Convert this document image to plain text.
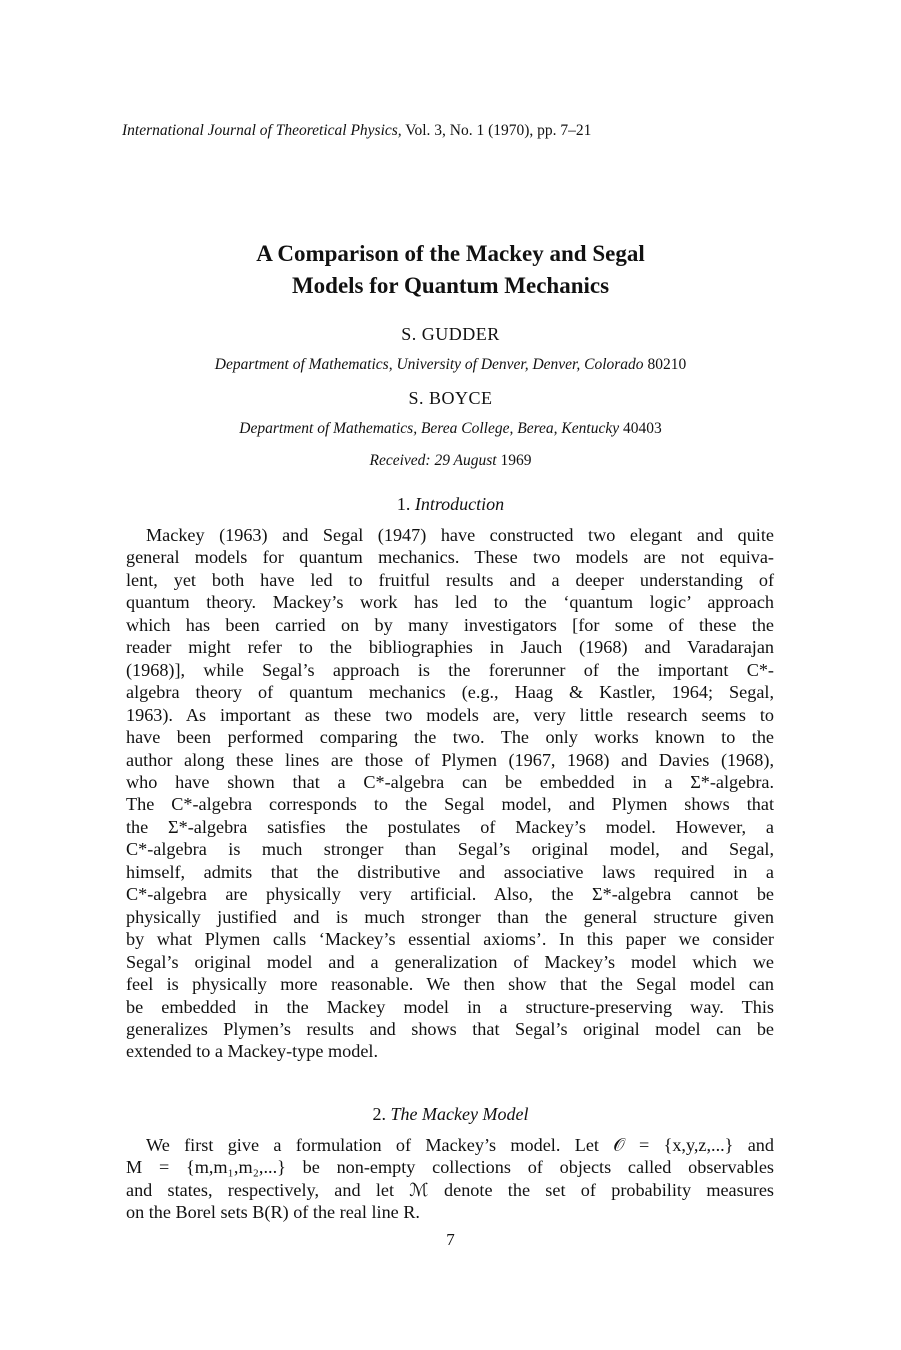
International Journal of Theoretical Physics, Vol. 3, No. 1 (1970), pp. 7–21
A Comparison of the Mackey and Segal
Models for Quantum Mechanics
S. GUDDER
Department of Mathematics, University of Denver, Denver, Colorado 80210
S. BOYCE
Department of Mathematics, Berea College, Berea, Kentucky 40403
Received: 29 August 1969
1. Introduction
Mackey (1963) and Segal (1947) have constructed two elegant and quite
general models for quantum mechanics. These two models are not equiva-
lent, yet both have led to fruitful results and a deeper understanding of
quantum theory. Mackey’s work has led to the ‘quantum logic’ approach
which has been carried on by many investigators [for some of these the
reader might refer to the bibliographies in Jauch (1968) and Varadarajan
(1968)], while Segal’s approach is the forerunner of the important C*-
algebra theory of quantum mechanics (e.g., Haag & Kastler, 1964; Segal,
1963). As important as these two models are, very little research seems to
have been performed comparing the two. The only works known to the
author along these lines are those of Plymen (1967, 1968) and Davies (1968),
who have shown that a C*-algebra can be embedded in a Σ*-algebra.
The C*-algebra corresponds to the Segal model, and Plymen shows that
the Σ*-algebra satisfies the postulates of Mackey’s model. However, a
C*-algebra is much stronger than Segal’s original model, and Segal,
himself, admits that the distributive and associative laws required in a
C*-algebra are physically very artificial. Also, the Σ*-algebra cannot be
physically justified and is much stronger than the general structure given
by what Plymen calls ‘Mackey’s essential axioms’. In this paper we consider
Segal’s original model and a generalization of Mackey’s model which we
feel is physically more reasonable. We then show that the Segal model can
be embedded in the Mackey model in a structure-preserving way. This
generalizes Plymen’s results and shows that Segal’s original model can be
extended to a Mackey-type model.
2. The Mackey Model
We first give a formulation of Mackey’s model. Let 𝒪 = {x,y,z,...} and
M = {m,m₁,m₂,...} be non-empty collections of objects called observables
and states, respectively, and let ℳ denote the set of probability measures
on the Borel sets B(R) of the real line R.
7
